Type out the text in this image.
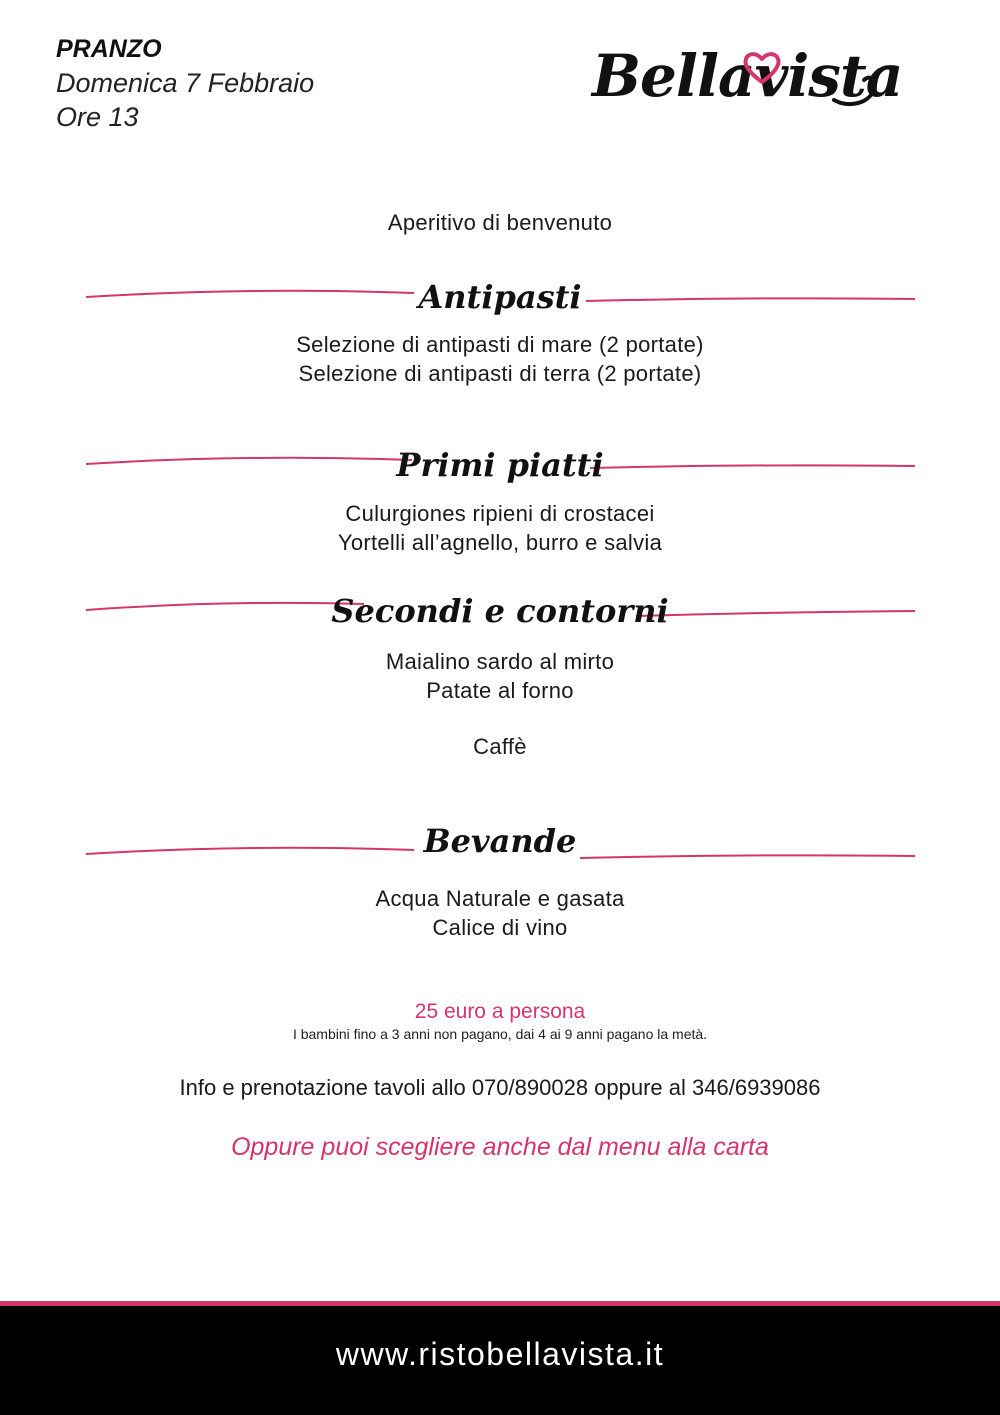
PRANZO
Domenica 7 Febbraio
Ore 13
Bellavista
Aperitivo di benvenuto
Antipasti
Selezione di antipasti di mare (2 portate)
Selezione di antipasti di terra (2 portate)
Primi piatti
Culurgiones ripieni di crostacei
Yortelli all’agnello, burro e salvia
Secondi e contorni
Maialino sardo al mirto
Patate al forno
Caffè
Bevande
Acqua Naturale e gasata
Calice di vino
25 euro a persona
I bambini fino a 3 anni non pagano, dai 4 ai 9 anni pagano la metà.
Info e prenotazione tavoli allo 070/890028 oppure al 346/6939086
Oppure puoi scegliere anche dal menu alla carta
www.ristobellavista.it
